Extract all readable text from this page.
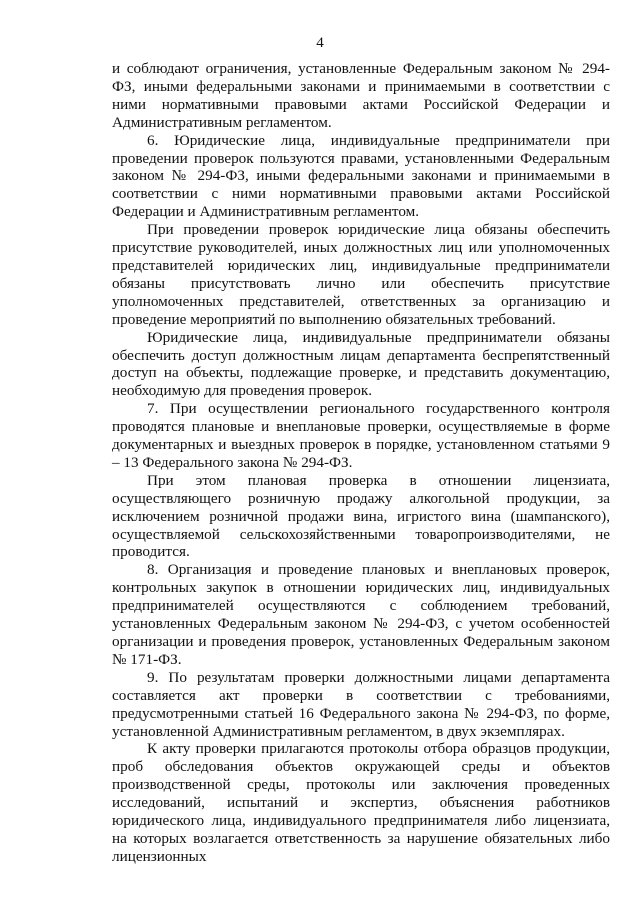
4

и соблюдают ограничения, установленные Федеральным законом № 294-ФЗ, иными федеральными законами и принимаемыми в соответствии с ними нормативными правовыми актами Российской Федерации и Административным регламентом.

6. Юридические лица, индивидуальные предприниматели при проведении проверок пользуются правами, установленными Федеральным законом № 294-ФЗ, иными федеральными законами и принимаемыми в соответствии с ними нормативными правовыми актами Российской Федерации и Административным регламентом.

При проведении проверок юридические лица обязаны обеспечить присутствие руководителей, иных должностных лиц или уполномоченных представителей юридических лиц, индивидуальные предприниматели обязаны присутствовать лично или обеспечить присутствие уполномоченных представителей, ответственных за организацию и проведение мероприятий по выполнению обязательных требований.

Юридические лица, индивидуальные предприниматели обязаны обеспечить доступ должностным лицам департамента беспрепятственный доступ на объекты, подлежащие проверке, и представить документацию, необходимую для проведения проверок.

7. При осуществлении регионального государственного контроля проводятся плановые и внеплановые проверки, осуществляемые в форме документарных и выездных проверок в порядке, установленном статьями 9 – 13 Федерального закона № 294-ФЗ.

При этом плановая проверка в отношении лицензиата, осуществляющего розничную продажу алкогольной продукции, за исключением розничной продажи вина, игристого вина (шампанского), осуществляемой сельскохозяйственными товаропроизводителями, не проводится.

8. Организация и проведение плановых и внеплановых проверок, контрольных закупок в отношении юридических лиц, индивидуальных предпринимателей осуществляются с соблюдением требований, установленных Федеральным законом № 294-ФЗ, с учетом особенностей организации и проведения проверок, установленных Федеральным законом № 171-ФЗ.

9. По результатам проверки должностными лицами департамента составляется акт проверки в соответствии с требованиями, предусмотренными статьей 16 Федерального закона № 294-ФЗ, по форме, установленной Административным регламентом, в двух экземплярах.

К акту проверки прилагаются протоколы отбора образцов продукции, проб обследования объектов окружающей среды и объектов производственной среды, протоколы или заключения проведенных исследований, испытаний и экспертиз, объяснения работников юридического лица, индивидуального предпринимателя либо лицензиата, на которых возлагается ответственность за нарушение обязательных либо лицензионных
